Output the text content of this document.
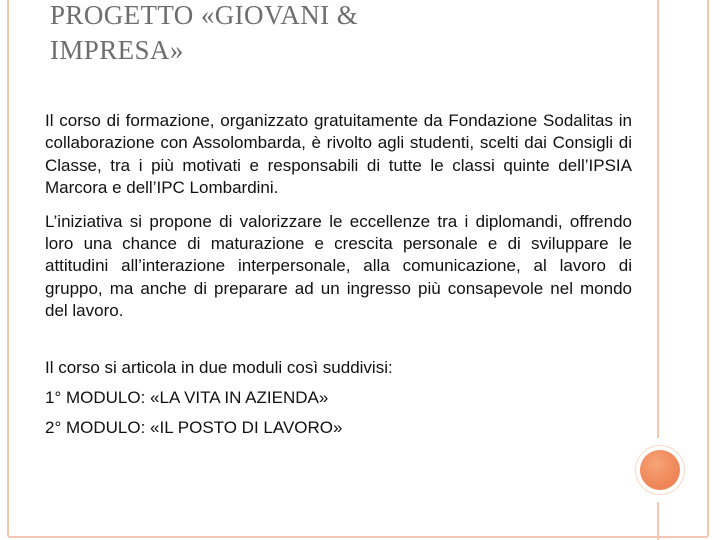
PROGETTO «GIOVANI &
IMPRESA»

Il corso di formazione, organizzato gratuitamente da Fondazione Sodalitas in collaborazione con Assolombarda, è rivolto agli studenti, scelti dai Consigli di Classe, tra i più motivati e responsabili di tutte le classi quinte dell’IPSIA Marcora e dell’IPC Lombardini.

L’iniziativa si propone di valorizzare le eccellenze tra i diplomandi, offrendo loro una chance di maturazione e crescita personale e di sviluppare le attitudini all’interazione interpersonale, alla comunicazione, al lavoro di gruppo, ma anche di preparare ad un ingresso più consapevole nel mondo del lavoro.

Il corso si articola in due moduli così suddivisi:

1° MODULO: «LA VITA IN AZIENDA»

2° MODULO: «IL POSTO DI LAVORO»
